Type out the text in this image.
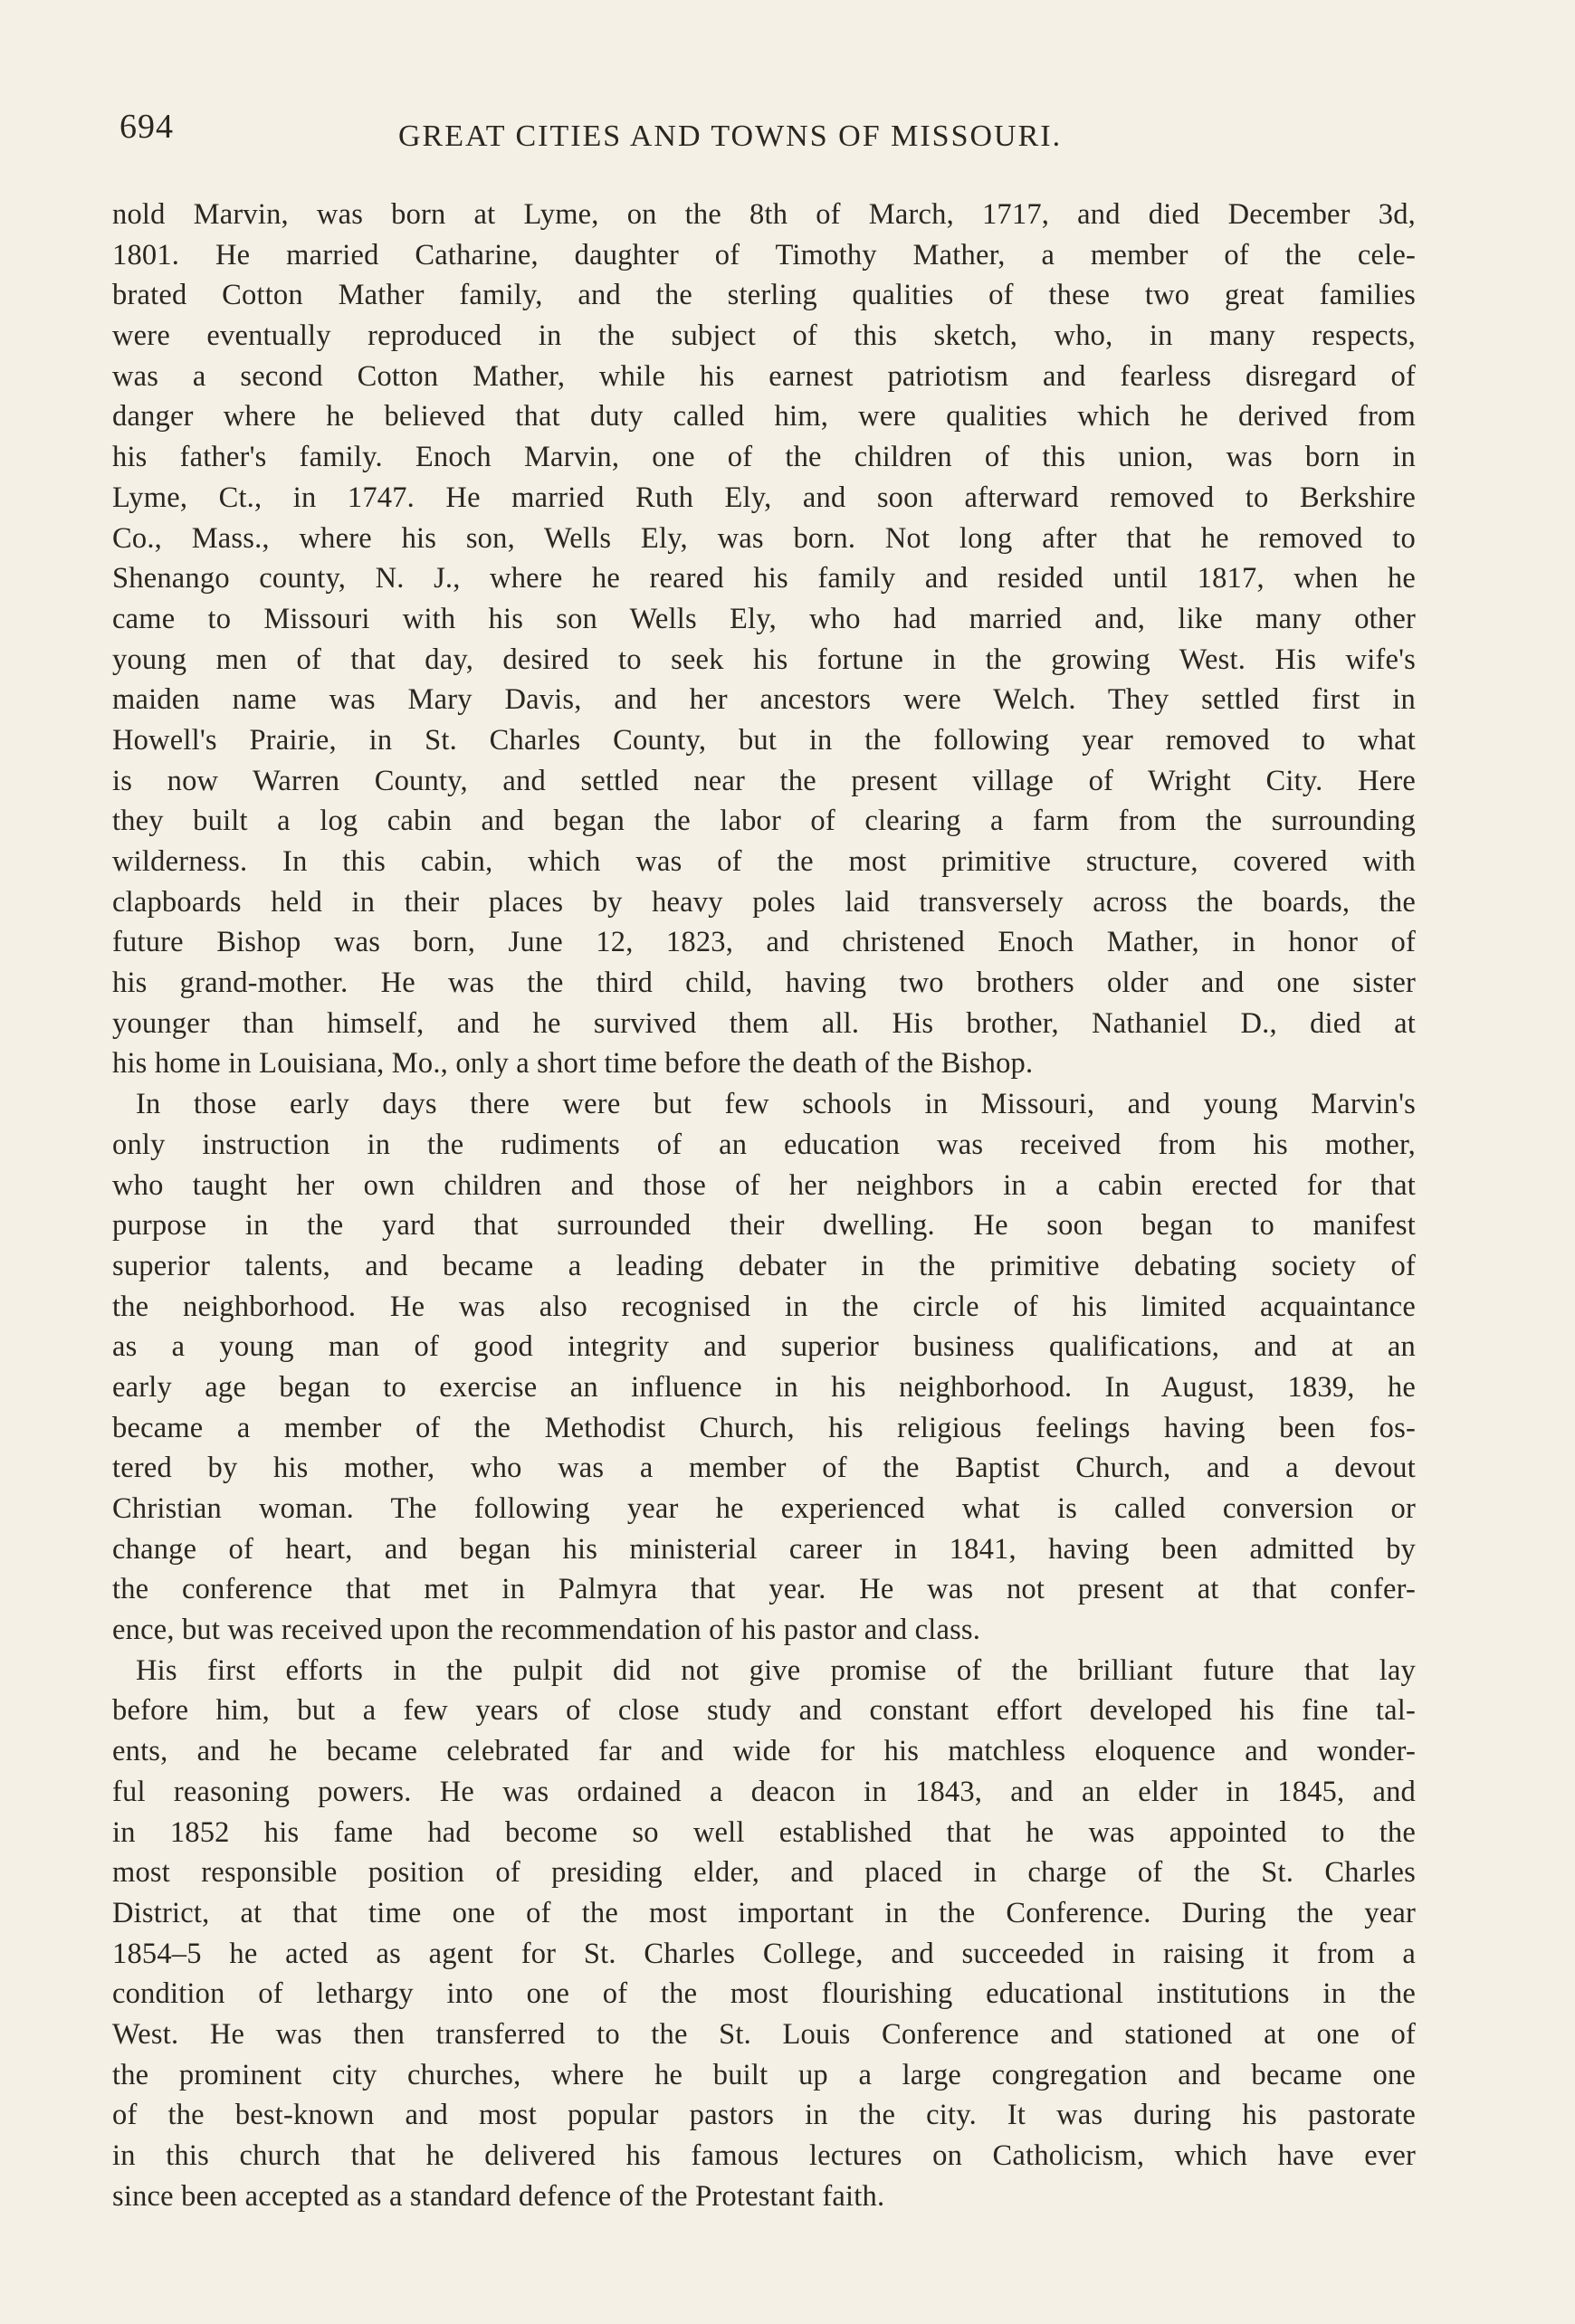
694	GREAT CITIES AND TOWNS OF MISSOURI.
nold Marvin, was born at Lyme, on the 8th of March, 1717, and died December 3d,
1801. He married Catharine, daughter of Timothy Mather, a member of the cele-
brated Cotton Mather family, and the sterling qualities of these two great families
were eventually reproduced in the subject of this sketch, who, in many respects,
was a second Cotton Mather, while his earnest patriotism and fearless disregard of
danger where he believed that duty called him, were qualities which he derived from
his father's family. Enoch Marvin, one of the children of this union, was born in
Lyme, Ct., in 1747. He married Ruth Ely, and soon afterward removed to Berkshire
Co., Mass., where his son, Wells Ely, was born. Not long after that he removed to
Shenango county, N. J., where he reared his family and resided until 1817, when he
came to Missouri with his son Wells Ely, who had married and, like many other
young men of that day, desired to seek his fortune in the growing West. His wife's
maiden name was Mary Davis, and her ancestors were Welch. They settled first in
Howell's Prairie, in St. Charles County, but in the following year removed to what
is now Warren County, and settled near the present village of Wright City. Here
they built a log cabin and began the labor of clearing a farm from the surrounding
wilderness. In this cabin, which was of the most primitive structure, covered with
clapboards held in their places by heavy poles laid transversely across the boards, the
future Bishop was born, June 12, 1823, and christened Enoch Mather, in honor of
his grand-mother. He was the third child, having two brothers older and one sister
younger than himself, and he survived them all. His brother, Nathaniel D., died at
his home in Louisiana, Mo., only a short time before the death of the Bishop.
In those early days there were but few schools in Missouri, and young Marvin's
only instruction in the rudiments of an education was received from his mother,
who taught her own children and those of her neighbors in a cabin erected for that
purpose in the yard that surrounded their dwelling. He soon began to manifest
superior talents, and became a leading debater in the primitive debating society of
the neighborhood. He was also recognised in the circle of his limited acquaintance
as a young man of good integrity and superior business qualifications, and at an
early age began to exercise an influence in his neighborhood. In August, 1839, he
became a member of the Methodist Church, his religious feelings having been fos-
tered by his mother, who was a member of the Baptist Church, and a devout
Christian woman. The following year he experienced what is called conversion or
change of heart, and began his ministerial career in 1841, having been admitted by
the conference that met in Palmyra that year. He was not present at that confer-
ence, but was received upon the recommendation of his pastor and class.
His first efforts in the pulpit did not give promise of the brilliant future that lay
before him, but a few years of close study and constant effort developed his fine tal-
ents, and he became celebrated far and wide for his matchless eloquence and wonder-
ful reasoning powers. He was ordained a deacon in 1843, and an elder in 1845, and
in 1852 his fame had become so well established that he was appointed to the
most responsible position of presiding elder, and placed in charge of the St. Charles
District, at that time one of the most important in the Conference. During the year
1854–5 he acted as agent for St. Charles College, and succeeded in raising it from a
condition of lethargy into one of the most flourishing educational institutions in the
West. He was then transferred to the St. Louis Conference and stationed at one of
the prominent city churches, where he built up a large congregation and became one
of the best-known and most popular pastors in the city. It was during his pastorate
in this church that he delivered his famous lectures on Catholicism, which have ever
since been accepted as a standard defence of the Protestant faith.
